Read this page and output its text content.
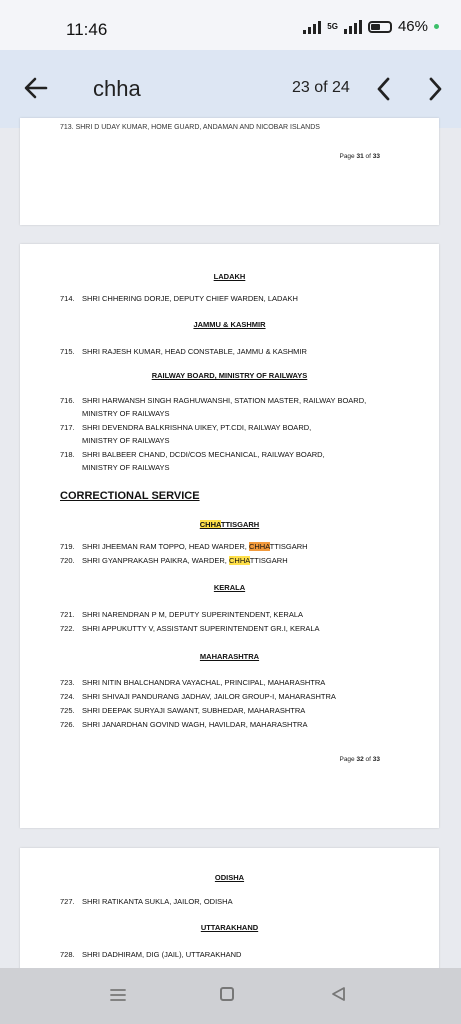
11:46	5G	46%
chha	23 of 24
713. SHRI D UDAY KUMAR, HOME GUARD, ANDAMAN AND NICOBAR ISLANDS
Page 31 of 33
LADAKH
714. SHRI CHHERING DORJE, DEPUTY CHIEF WARDEN, LADAKH
JAMMU & KASHMIR
715. SHRI RAJESH KUMAR, HEAD CONSTABLE, JAMMU & KASHMIR
RAILWAY BOARD, MINISTRY OF RAILWAYS
716. SHRI HARWANSH SINGH RAGHUWANSHI, STATION MASTER, RAILWAY BOARD,
MINISTRY OF RAILWAYS
717. SHRI DEVENDRA BALKRISHNA UIKEY, PT.CDI, RAILWAY BOARD,
MINISTRY OF RAILWAYS
718. SHRI BALBEER CHAND, DCDI/COS MECHANICAL, RAILWAY BOARD,
MINISTRY OF RAILWAYS
CORRECTIONAL SERVICE
CHHATTISGARH
719. SHRI JHEEMAN RAM TOPPO, HEAD WARDER, CHHATTISGARH
720. SHRI GYANPRAKASH PAIKRA, WARDER, CHHATTISGARH
KERALA
721. SHRI NARENDRAN P M, DEPUTY SUPERINTENDENT, KERALA
722. SHRI APPUKUTTY V, ASSISTANT SUPERINTENDENT GR.I, KERALA
MAHARASHTRA
723. SHRI NITIN BHALCHANDRA VAYACHAL, PRINCIPAL, MAHARASHTRA
724. SHRI SHIVAJI PANDURANG JADHAV, JAILOR GROUP-I, MAHARASHTRA
725. SHRI DEEPAK SURYAJI SAWANT, SUBHEDAR, MAHARASHTRA
726. SHRI JANARDHAN GOVIND WAGH, HAVILDAR, MAHARASHTRA
Page 32 of 33
ODISHA
727. SHRI RATIKANTA SUKLA, JAILOR, ODISHA
UTTARAKHAND
728. SHRI DADHIRAM, DIG (JAIL), UTTARAKHAND
